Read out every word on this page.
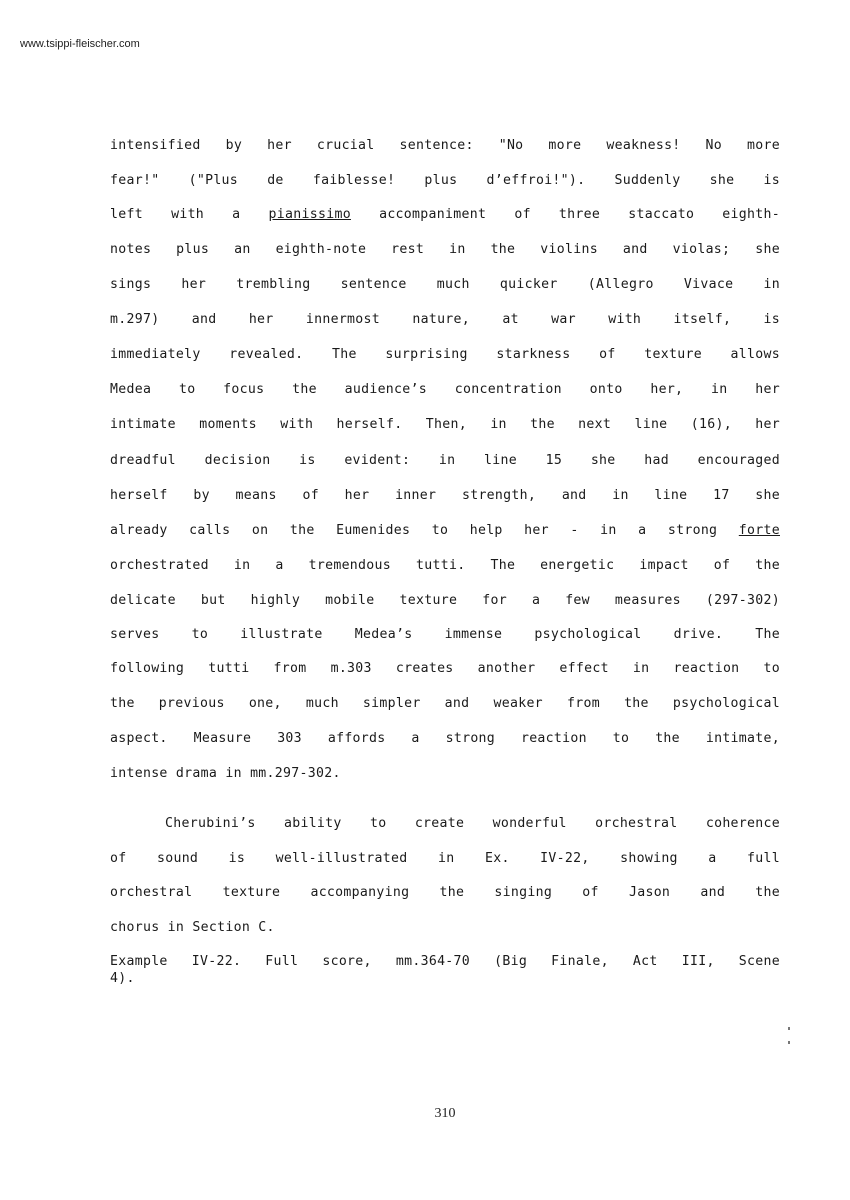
www.tsippi-fleischer.com
intensified by her crucial sentence: "No more weakness! No more
fear!" ("Plus de faiblesse! plus d’effroi!"). Suddenly she is
left with a pianissimo accompaniment of three staccato eighth-
notes plus an eighth-note rest in the violins and violas; she
sings her trembling sentence much quicker (Allegro Vivace in
m.297) and her innermost nature, at war with itself, is
immediately revealed. The surprising starkness of texture allows
Medea to focus the audience’s concentration onto her, in her
intimate moments with herself. Then, in the next line (16), her
dreadful decision is evident: in line 15 she had encouraged
herself by means of her inner strength, and in line 17 she
already calls on the Eumenides to help her - in a strong forte
orchestrated in a tremendous tutti. The energetic impact of the
delicate but highly mobile texture for a few measures (297-302)
serves to illustrate Medea’s immense psychological drive. The
following tutti from m.303 creates another effect in reaction to
the previous one, much simpler and weaker from the psychological
aspect. Measure 303 affords a strong reaction to the intimate,
intense drama in mm.297-302.
Cherubini’s ability to create wonderful orchestral coherence
of sound is well-illustrated in Ex. IV-22, showing a full
orchestral texture accompanying the singing of Jason and the
chorus in Section C.
Example IV-22. Full score, mm.364-70 (Big Finale, Act III, Scene
4).
310
